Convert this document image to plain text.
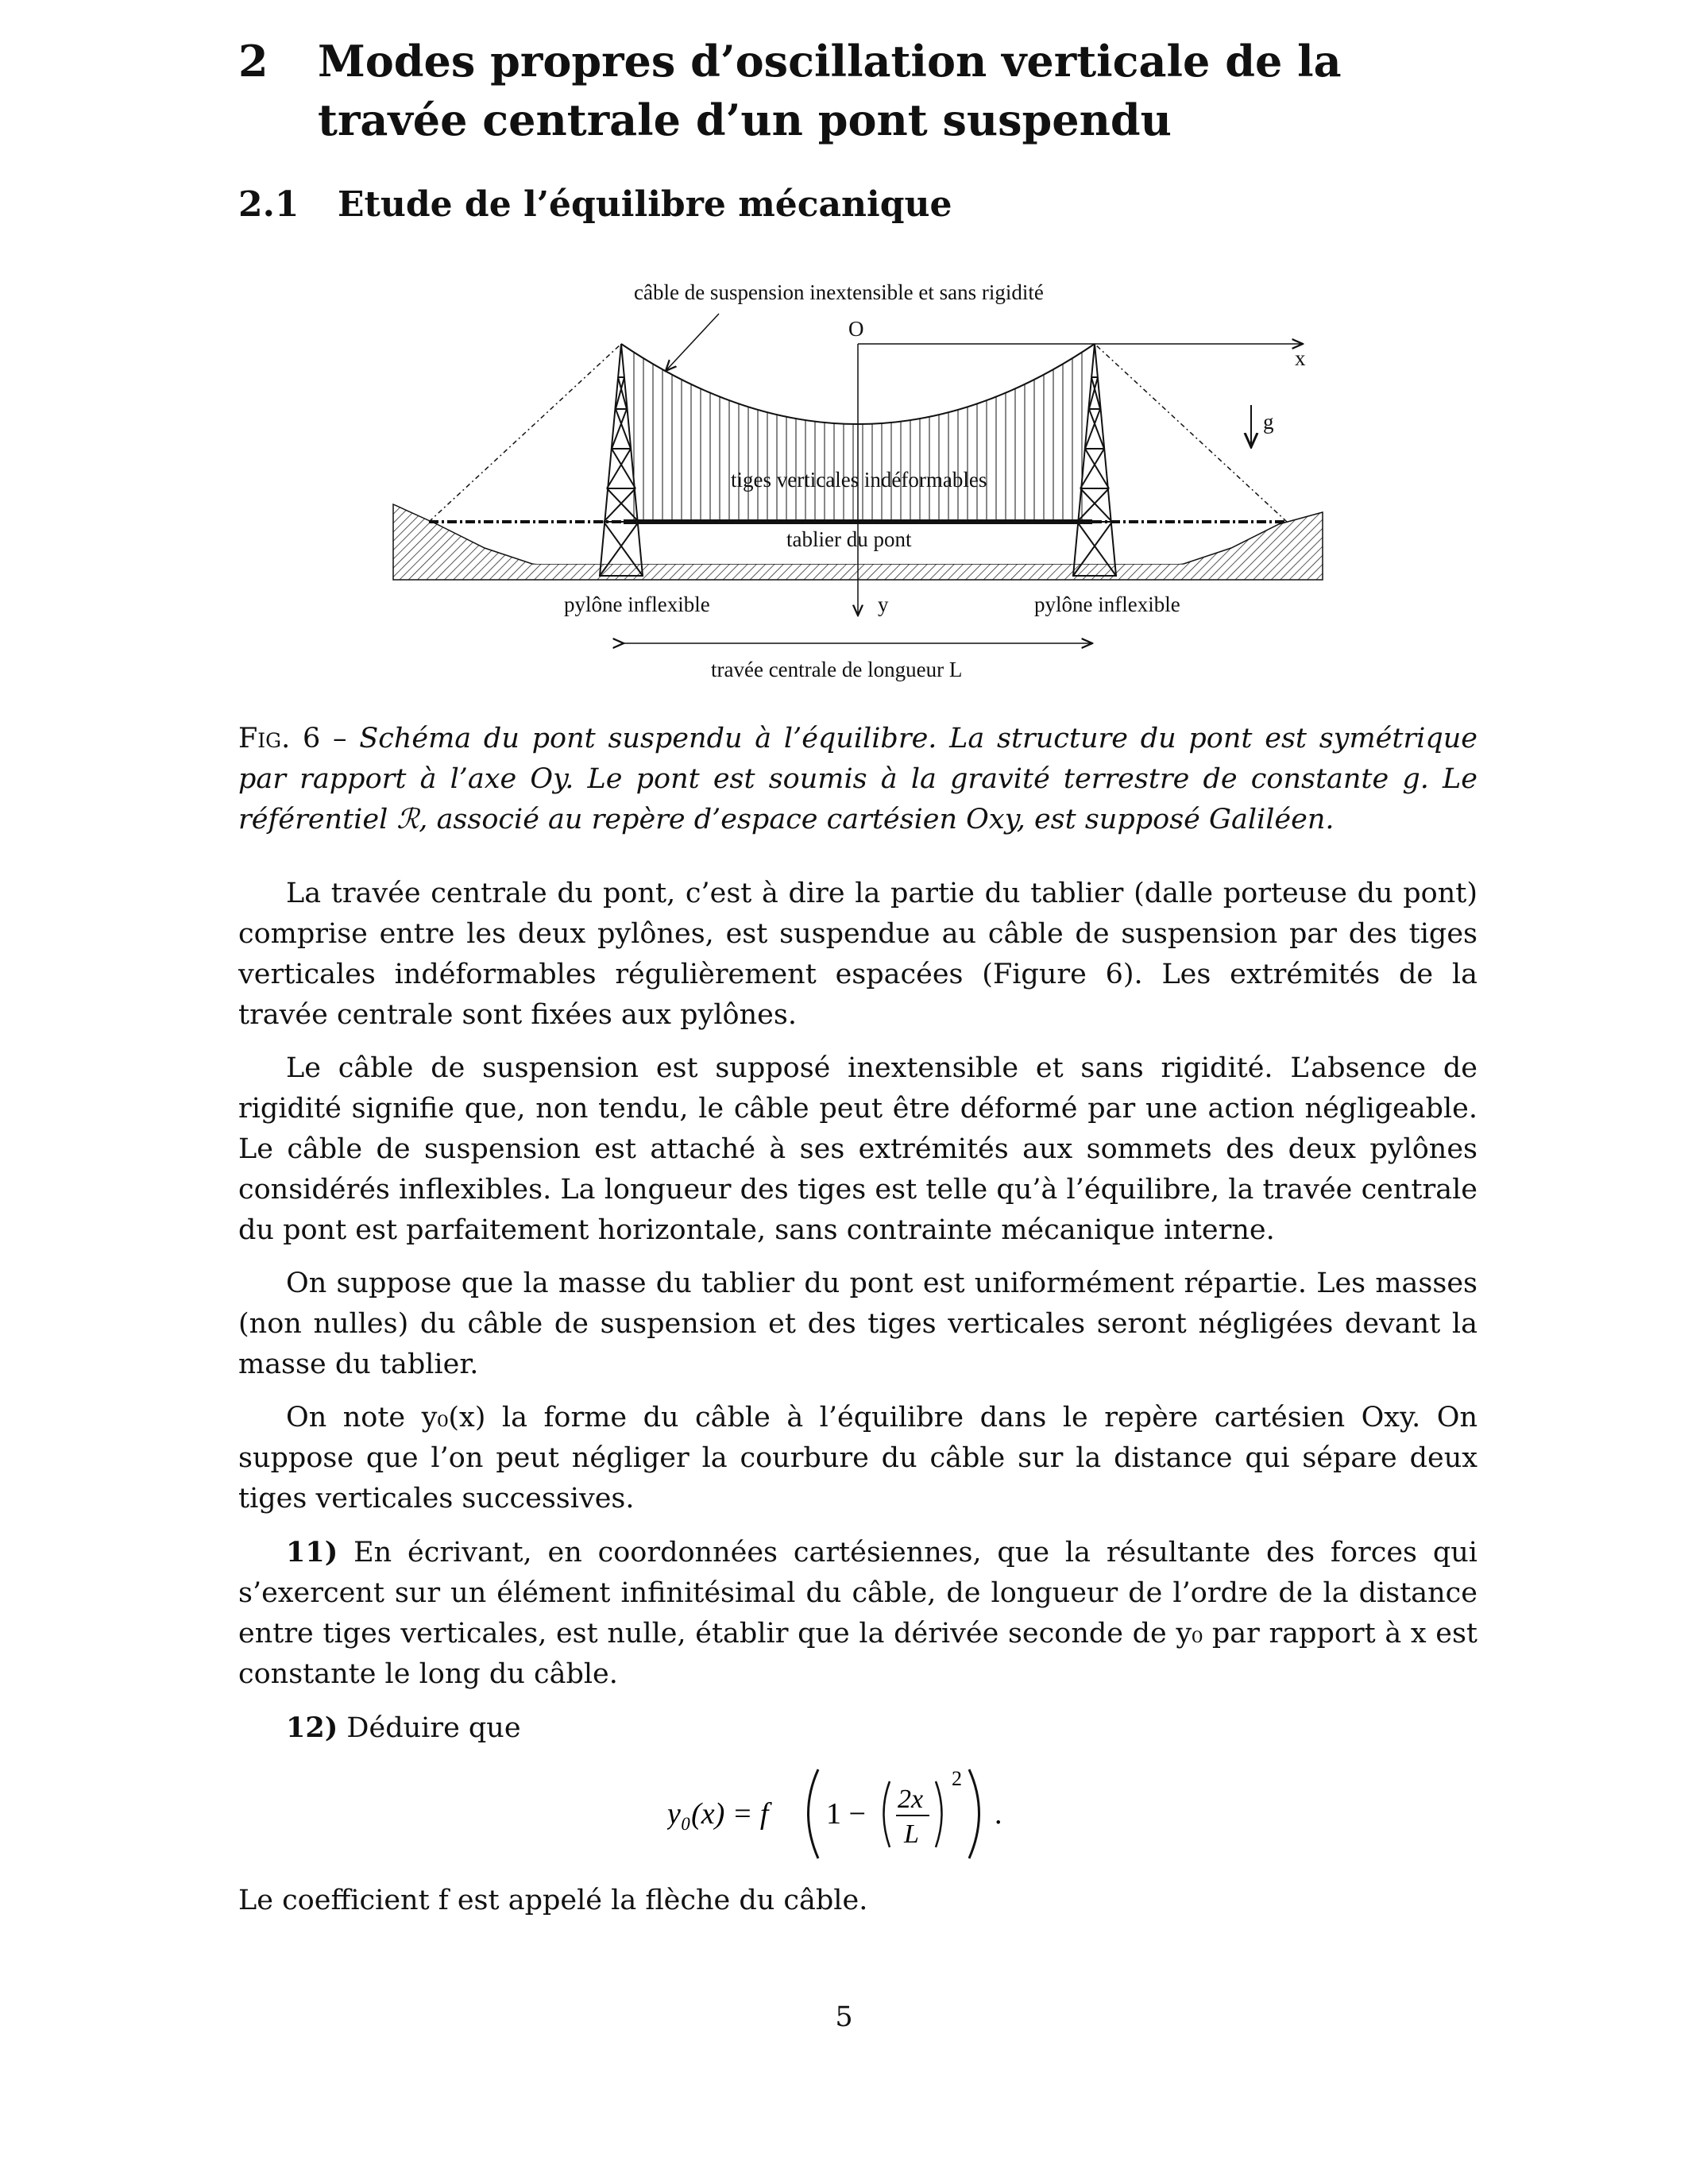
2	Modes propres d’oscillation verticale de la travée centrale d’un pont suspendu
2.1	Etude de l’équilibre mécanique
câble de suspension inextensible et sans rigidité
O
x
g
tiges verticales indéformables
tablier du pont
pylône inflexible	y	pylône inflexible
travée centrale de longueur L
Fig. 6 – Schéma du pont suspendu à l’équilibre. La structure du pont est symétrique par rapport à l’axe Oy. Le pont est soumis à la gravité terrestre de constante g. Le référentiel ℛ, associé au repère d’espace cartésien Oxy, est supposé Galiléen.

La travée centrale du pont, c’est à dire la partie du tablier (dalle porteuse du pont) comprise entre les deux pylônes, est suspendue au câble de suspension par des tiges verticales indéformables régulièrement espacées (Figure 6). Les extrémités de la travée centrale sont fixées aux pylônes.

Le câble de suspension est supposé inextensible et sans rigidité. L’absence de rigidité signifie que, non tendu, le câble peut être déformé par une action négligeable. Le câble de suspension est attaché à ses extrémités aux sommets des deux pylônes considérés inflexibles. La longueur des tiges est telle qu’à l’équilibre, la travée centrale du pont est parfaitement horizontale, sans contrainte mécanique interne.

On suppose que la masse du tablier du pont est uniformément répartie. Les masses (non nulles) du câble de suspension et des tiges verticales seront négligées devant la masse du tablier.

On note y₀(x) la forme du câble à l’équilibre dans le repère cartésien Oxy. On suppose que l’on peut négliger la courbure du câble sur la distance qui sépare deux tiges verticales successives.

11) En écrivant, en coordonnées cartésiennes, que la résultante des forces qui s’exercent sur un élément infinitésimal du câble, de longueur de l’ordre de la distance entre tiges verticales, est nulle, établir que la dérivée seconde de y₀ par rapport à x est constante le long du câble.

12) Déduire que

y₀(x) = f 1 − 2x
L
2
.

Le coefficient f est appelé la flèche du câble.

5
